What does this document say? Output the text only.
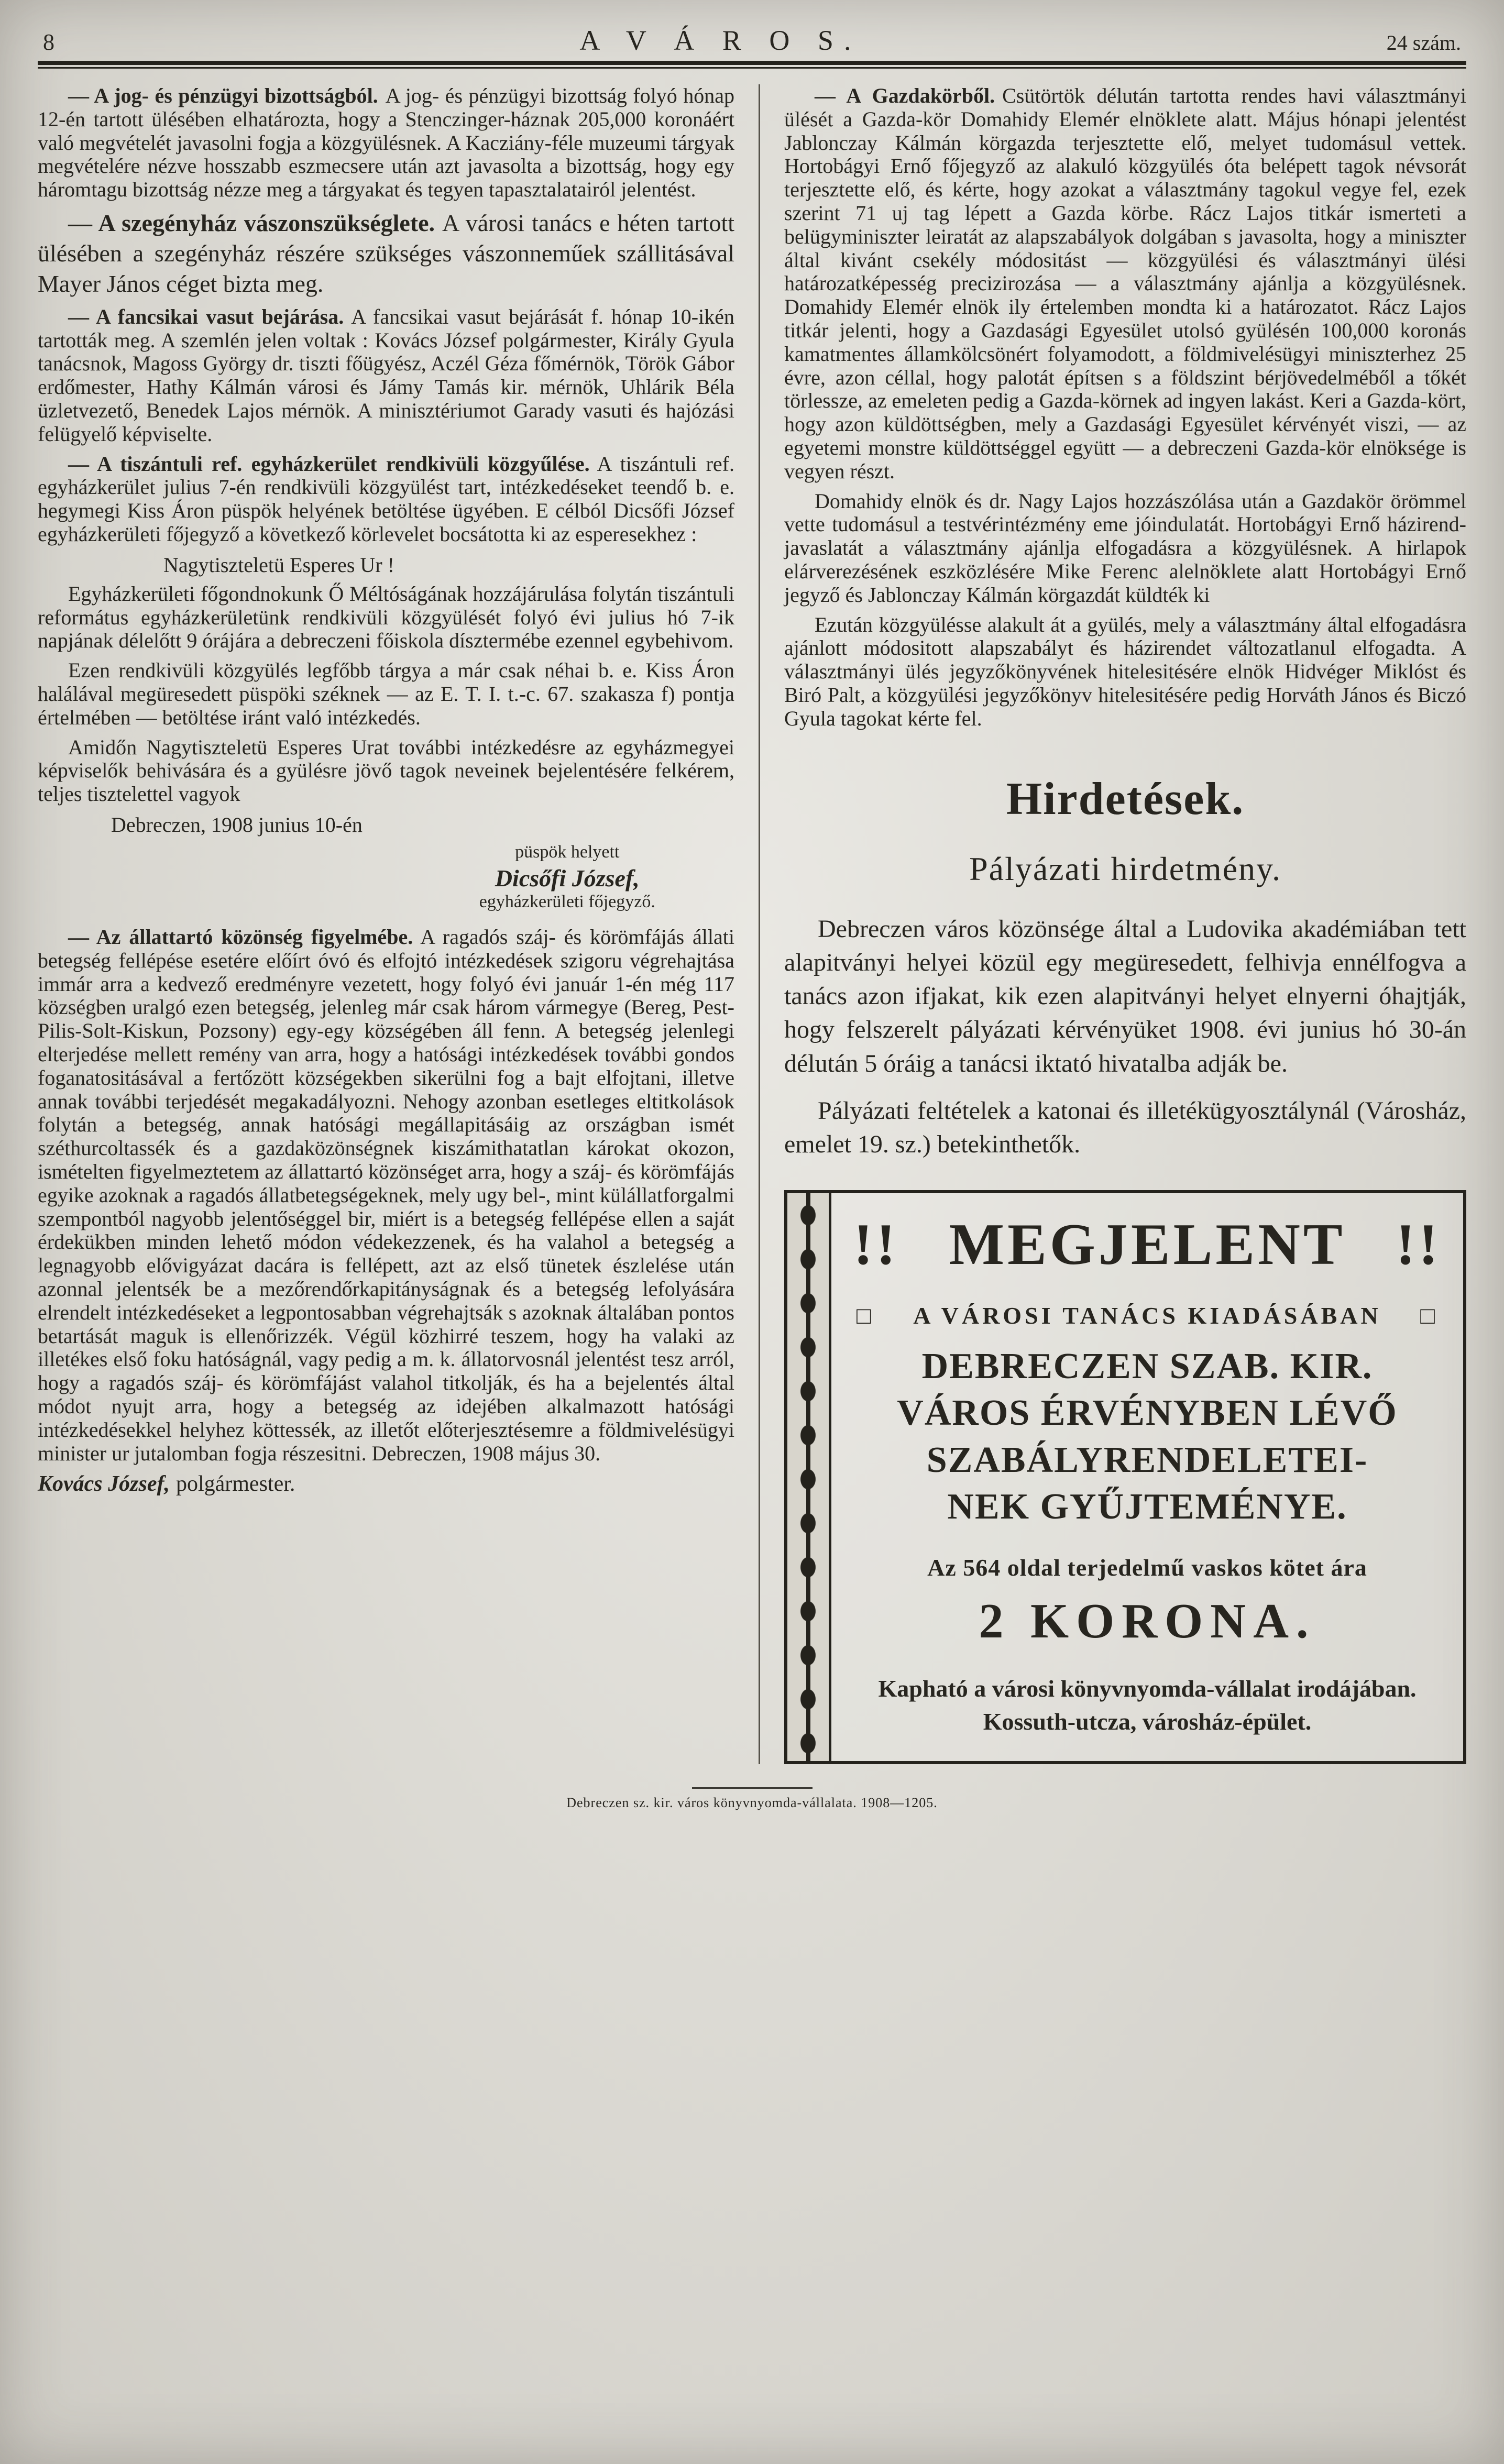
8	A V Á R O S.	24 szám.

— A jog- és pénzügyi bizottságból. A jog- és pénzügyi bizottság folyó hónap 12-én tartott ülésében elhatározta, hogy a Stenczinger-háznak 205,000 koronáért való megvételét javasolni fogja a közgyülésnek. A Kacziány-féle muzeumi tárgyak megvételére nézve hosszabb eszmecsere után azt javasolta a bizottság, hogy egy háromtagu bizottság nézze meg a tárgyakat és tegyen tapasztalatairól jelentést.

— A szegényház vászonszükséglete. A városi tanács e héten tartott ülésében a szegényház részére szükséges vászonneműek szállitásával Mayer János céget bizta meg.

— A fancsikai vasut bejárása. A fancsikai vasut bejárását f. hónap 10-ikén tartották meg. A szemlén jelen voltak : Kovács József polgármester, Király Gyula tanácsnok, Magoss György dr. tiszti főügyész, Aczél Géza főmérnök, Török Gábor erdőmester, Hathy Kálmán városi és Jámy Tamás kir. mérnök, Uhlárik Béla üzletvezető, Benedek Lajos mérnök. A minisztériumot Garady vasuti és hajózási felügyelő képviselte.

— A tiszántuli ref. egyházkerület rendkivüli közgyűlése. A tiszántuli ref. egyházkerület julius 7-én rendkivüli közgyülést tart, intézkedéseket teendő b. e. hegymegi Kiss Áron püspök helyének betöltése ügyében. E célból Dicsőfi József egyházkerületi főjegyző a következő körlevelet bocsátotta ki az esperesekhez :

Nagytiszteletü Esperes Ur !

Egyházkerületi főgondnokunk Ő Méltóságának hozzájárulása folytán tiszántuli református egyházkerületünk rendkivüli közgyülését folyó évi julius hó 7-ik napjának délelőtt 9 órájára a debreczeni főiskola dísztermébe ezennel egybehivom.

Ezen rendkivüli közgyülés legfőbb tárgya a már csak néhai b. e. Kiss Áron halálával megüresedett püspöki széknek — az E. T. I. t.-c. 67. szakasza f) pontja értelmében — betöltése iránt való intézkedés.

Amidőn Nagytiszteletü Esperes Urat további intézkedésre az egyházmegyei képviselők behivására és a gyülésre jövő tagok neveinek bejelentésére felkérem, teljes tisztelettel vagyok

Debreczen, 1908 junius 10-én

püspök helyett
Dicsőfi József,
egyházkerületi főjegyző.

— Az állattartó közönség figyelmébe. A ragadós száj- és körömfájás állati betegség fellépése esetére előírt óvó és elfojtó intézkedések szigoru végrehajtása immár arra a kedvező eredményre vezetett, hogy folyó évi január 1-én még 117 községben uralgó ezen betegség, jelenleg már csak három vármegye (Bereg, Pest-Pilis-Solt-Kiskun, Pozsony) egy-egy községében áll fenn. A betegség jelenlegi elterjedése mellett remény van arra, hogy a hatósági intézkedések további gondos foganatositásával a fertőzött községekben sikerülni fog a bajt elfojtani, illetve annak további terjedését megakadályozni. Nehogy azonban esetleges eltitkolások folytán a betegség, annak hatósági megállapitásáig az országban ismét széthurcoltassék és a gazdaközönségnek kiszámithatatlan károkat okozon, ismételten figyelmeztetem az állattartó közönséget arra, hogy a száj- és körömfájás egyike azoknak a ragadós állatbetegségeknek, mely ugy bel-, mint külállatforgalmi szempontból nagyobb jelentőséggel bir, miért is a betegség fellépése ellen a saját érdekükben minden lehető módon védekezzenek, és ha valahol a betegség a legnagyobb elővigyázat dacára is fellépett, azt az első tünetek észlelése után azonnal jelentsék be a mezőrendőrkapitányságnak és a betegség lefolyására elrendelt intézkedéseket a legpontosabban végrehajtsák s azoknak általában pontos betartását maguk is ellenőrizzék. Végül közhirré teszem, hogy ha valaki az illetékes első foku hatóságnál, vagy pedig a m. k. állatorvosnál jelentést tesz arról, hogy a ragadós száj- és körömfájást valahol titkolják, és ha a bejelentés által módot nyujt arra, hogy a betegség az idejében alkalmazott hatósági intézkedésekkel helyhez köttessék, az illetőt előterjesztésemre a földmivelésügyi minister ur jutalomban fogja részesitni. Debreczen, 1908 május 30.

Kovács József, polgármester.

— A Gazdakörből. Csütörtök délután tartotta rendes havi választmányi ülését a Gazda-kör Domahidy Elemér elnöklete alatt. Május hónapi jelentést Jablonczay Kálmán körgazda terjesztette elő, melyet tudomásul vettek. Hortobágyi Ernő főjegyző az alakuló közgyülés óta belépett tagok névsorát terjesztette elő, és kérte, hogy azokat a választmány tagokul vegye fel, ezek szerint 71 uj tag lépett a Gazda körbe. Rácz Lajos titkár ismerteti a belügyminiszter leiratát az alapszabályok dolgában s javasolta, hogy a miniszter által kivánt csekély módositást — közgyülési és választmányi ülési határozatképesség precizirozása — a választmány ajánlja a közgyülésnek. Domahidy Elemér elnök ily értelemben mondta ki a határozatot. Rácz Lajos titkár jelenti, hogy a Gazdasági Egyesület utolsó gyülésén 100,000 koronás kamatmentes államkölcsönért folyamodott, a földmivelésügyi miniszterhez 25 évre, azon céllal, hogy palotát építsen s a földszint bérjövedelméből a tőkét törlessze, az emeleten pedig a Gazda-körnek ad ingyen lakást. Keri a Gazda-kört, hogy azon küldöttségben, mely a Gazdasági Egyesület kérvényét viszi, — az egyetemi monstre küldöttséggel együtt — a debreczeni Gazda-kör elnöksége is vegyen részt.

Domahidy elnök és dr. Nagy Lajos hozzászólása után a Gazdakör örömmel vette tudomásul a testvérintézmény eme jóindulatát. Hortobágyi Ernő házirend-javaslatát a választmány ajánlja elfogadásra a közgyülésnek. A hirlapok elárverezésének eszközlésére Mike Ferenc alelnöklete alatt Hortobágyi Ernő jegyző és Jablonczay Kálmán körgazdát küldték ki

Ezután közgyülésse alakult át a gyülés, mely a választmány által elfogadásra ajánlott módositott alapszabályt és házirendet változatlanul elfogadta. A választmányi ülés jegyzőkönyvének hitelesitésére elnök Hidvéger Miklóst és Biró Palt, a közgyülési jegyzőkönyv hitelesitésére pedig Horváth János és Biczó Gyula tagokat kérte fel.

Hirdetések.
Pályázati hirdetmény.

Debreczen város közönsége által a Ludovika akadémiában tett alapitványi helyei közül egy megüresedett, felhivja ennélfogva a tanács azon ifjakat, kik ezen alapitványi helyet elnyerni óhajtják, hogy felszerelt pályázati kérvényüket 1908. évi junius hó 30-án délután 5 óráig a tanácsi iktató hivatalba adják be.

Pályázati feltételek a katonai és illetékügyosztálynál (Városház, emelet 19. sz.) betekinthetők.

!! MEGJELENT !!
□ A VÁROSI TANÁCS KIADÁSÁBAN □
DEBRECZEN SZAB. KIR.
VÁROS ÉRVÉNYBEN LÉVŐ
SZABÁLYRENDELETEI-
NEK GYŰJTEMÉNYE.
Az 564 oldal terjedelmű vaskos kötet ára
2 KORONA.
Kapható a városi könyvnyomda-vállalat irodájában. Kossuth-utcza, városház-épület.
Debreczen sz. kir. város könyvnyomda-vállalata. 1908—1205.
